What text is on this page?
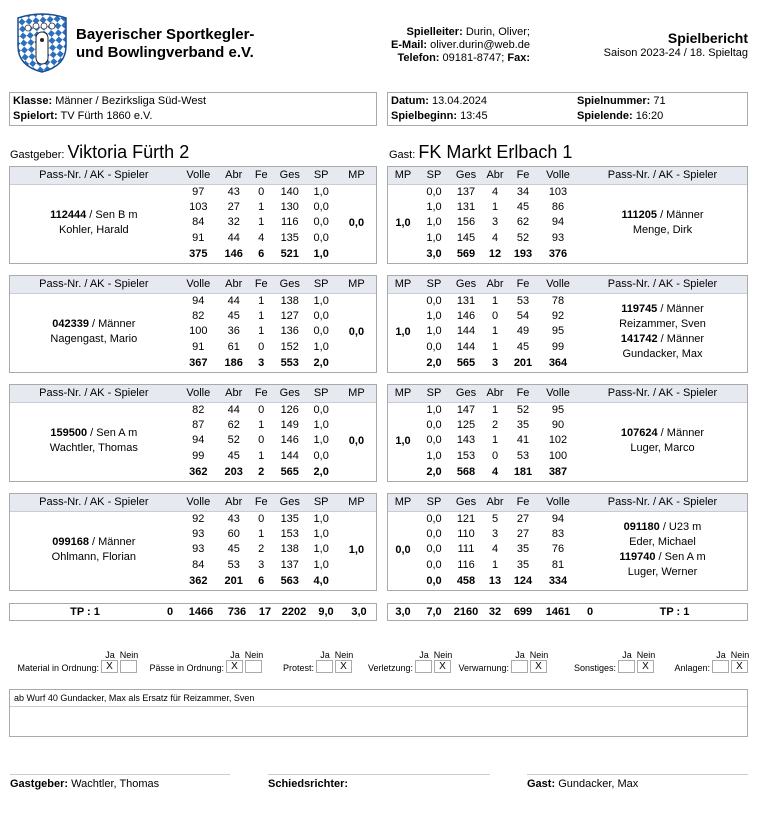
Bayerischer Sportkegler-
und Bowlingverband e.V.
Spielleiter: Durin, Oliver;
E-Mail: oliver.durin@web.de
Telefon: 09181-8747; Fax:
Spielbericht
Saison 2023-24 / 18. Spieltag
Klasse: Männer / Bezirksliga Süd-West
Spielort: TV Fürth 1860 e.V.
Datum: 13.04.2024
Spielbeginn: 13:45
Spielnummer: 71
Spielende: 16:20
Gastgeber: Viktoria Fürth 2	Gast: FK Markt Erlbach 1
Pass-Nr. / AK - Spieler	Volle	Abr	Fe	Ges	SP	MP

112444 / Sen B m
Kohler, Harald	97	43	0	140	1,0	0,0
	103	27	1	130	0,0	
	84	32	1	116	0,0	
	91	44	4	135	0,0	
	375	146	6	521	1,0	
MP	SP	Ges	Abr	Fe	Volle	Pass-Nr. / AK - Spieler
1,0	0,0	137	4	34	103	111205 / Männer
Menge, Dirk

	1,0	131	1	45	86	
	1,0	156	3	62	94	
	1,0	145	4	52	93	
	3,0	569	12	193	376	
Pass-Nr. / AK - Spieler	Volle	Abr	Fe	Ges	SP	MP

042339 / Männer
Nagengast, Mario	94	44	1	138	1,0	0,0
	82	45	1	127	0,0	
	100	36	1	136	0,0	
	91	61	0	152	1,0	
	367	186	3	553	2,0	
MP	SP	Ges	Abr	Fe	Volle	Pass-Nr. / AK - Spieler
1,0	0,0	131	1	53	78	119745 / Männer
Reizammer, Sven
141742 / Männer
Gundacker, Max

	1,0	146	0	54	92	
	1,0	144	1	49	95	
	0,0	144	1	45	99	
	2,0	565	3	201	364	
Pass-Nr. / AK - Spieler	Volle	Abr	Fe	Ges	SP	MP

159500 / Sen A m
Wachtler, Thomas	82	44	0	126	0,0	0,0
	87	62	1	149	1,0	
	94	52	0	146	1,0	
	99	45	1	144	0,0	
	362	203	2	565	2,0	
MP	SP	Ges	Abr	Fe	Volle	Pass-Nr. / AK - Spieler
1,0	1,0	147	1	52	95	107624 / Männer
Luger, Marco

	0,0	125	2	35	90	
	0,0	143	1	41	102	
	1,0	153	0	53	100	
	2,0	568	4	181	387	
Pass-Nr. / AK - Spieler	Volle	Abr	Fe	Ges	SP	MP

099168 / Männer
Ohlmann, Florian	92	43	0	135	1,0	1,0
	93	60	1	153	1,0	
	93	45	2	138	1,0	
	84	53	3	137	1,0	
	362	201	6	563	4,0	
MP	SP	Ges	Abr	Fe	Volle	Pass-Nr. / AK - Spieler
0,0	0,0	121	5	27	94	091180 / U23 m
Eder, Michael
119740 / Sen A m
Luger, Werner

	0,0	110	3	27	83	
	0,0	111	4	35	76	
	0,0	116	1	35	81	
	0,0	458	13	124	334	
TP : 1	0	1466	736	17	2202	9,0	3,0	3,0	7,0	2160	32	699	1461	0	TP : 1
Material in Ordnung:
Ja Nein
X	Pässe in Ordnung:
Ja Nein
X	Protest:
Ja Nein
X	Verletzung:
Ja Nein
X	Verwarnung:
Ja Nein
X	Sonstiges:
Ja Nein
X	Anlagen:
Ja Nein
X
ab Wurf 40 Gundacker, Max als Ersatz für Reizammer, Sven
Gastgeber: Wachtler, Thomas	Schiedsrichter:	Gast: Gundacker, Max
